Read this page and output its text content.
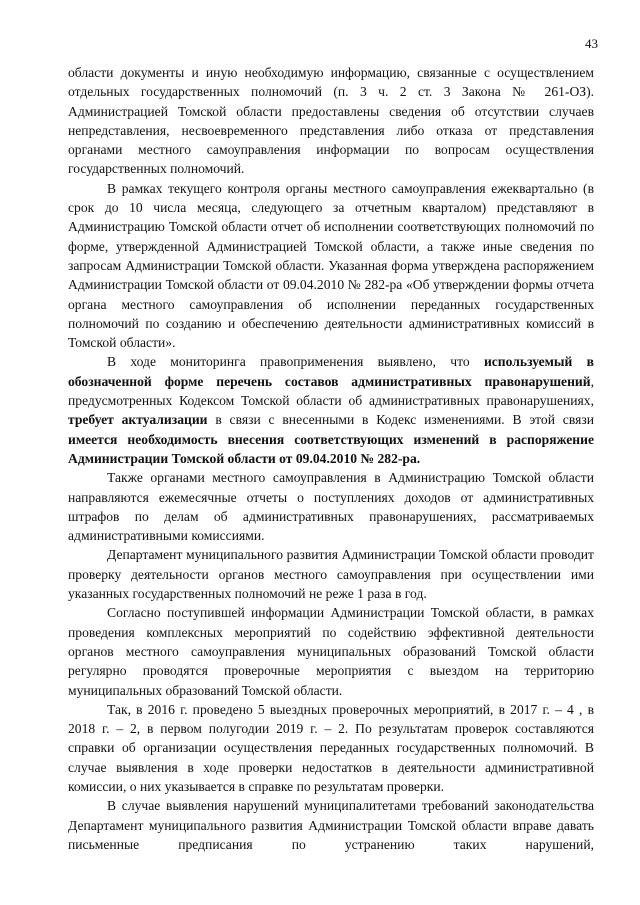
43

области документы и иную необходимую информацию, связанные с осуществлением отдельных государственных полномочий (п. 3 ч. 2 ст. 3 Закона № 261-ОЗ). Администрацией Томской области предоставлены сведения об отсутствии случаев непредставления, несвоевременного представления либо отказа от представления органами местного самоуправления информации по вопросам осуществления государственных полномочий.

В рамках текущего контроля органы местного самоуправления ежеквартально (в срок до 10 числа месяца, следующего за отчетным кварталом) представляют в Администрацию Томской области отчет об исполнении соответствующих полномочий по форме, утвержденной Администрацией Томской области, а также иные сведения по запросам Администрации Томской области. Указанная форма утверждена распоряжением Администрации Томской области от 09.04.2010 № 282-ра «Об утверждении формы отчета органа местного самоуправления об исполнении переданных государственных полномочий по созданию и обеспечению деятельности административных комиссий в Томской области».

В ходе мониторинга правоприменения выявлено, что используемый в обозначенной форме перечень составов административных правонарушений, предусмотренных Кодексом Томской области об административных правонарушениях, требует актуализации в связи с внесенными в Кодекс изменениями. В этой связи имеется необходимость внесения соответствующих изменений в распоряжение Администрации Томской области от 09.04.2010 № 282-ра.

Также органами местного самоуправления в Администрацию Томской области направляются ежемесячные отчеты о поступлениях доходов от административных штрафов по делам об административных правонарушениях, рассматриваемых административными комиссиями.

Департамент муниципального развития Администрации Томской области проводит проверку деятельности органов местного самоуправления при осуществлении ими указанных государственных полномочий не реже 1 раза в год.

Согласно поступившей информации Администрации Томской области, в рамках проведения комплексных мероприятий по содействию эффективной деятельности органов местного самоуправления муниципальных образований Томской области регулярно проводятся проверочные мероприятия с выездом на территорию муниципальных образований Томской области.

Так, в 2016 г. проведено 5 выездных проверочных мероприятий, в 2017 г. – 4 , в 2018 г. – 2, в первом полугодии 2019 г. – 2. По результатам проверок составляются справки об организации осуществления переданных государственных полномочий. В случае выявления в ходе проверки недостатков в деятельности административной комиссии, о них указывается в справке по результатам проверки.

В случае выявления нарушений муниципалитетами требований законодательства Департамент муниципального развития Администрации Томской области вправе давать письменные предписания по устранению таких нарушений,
